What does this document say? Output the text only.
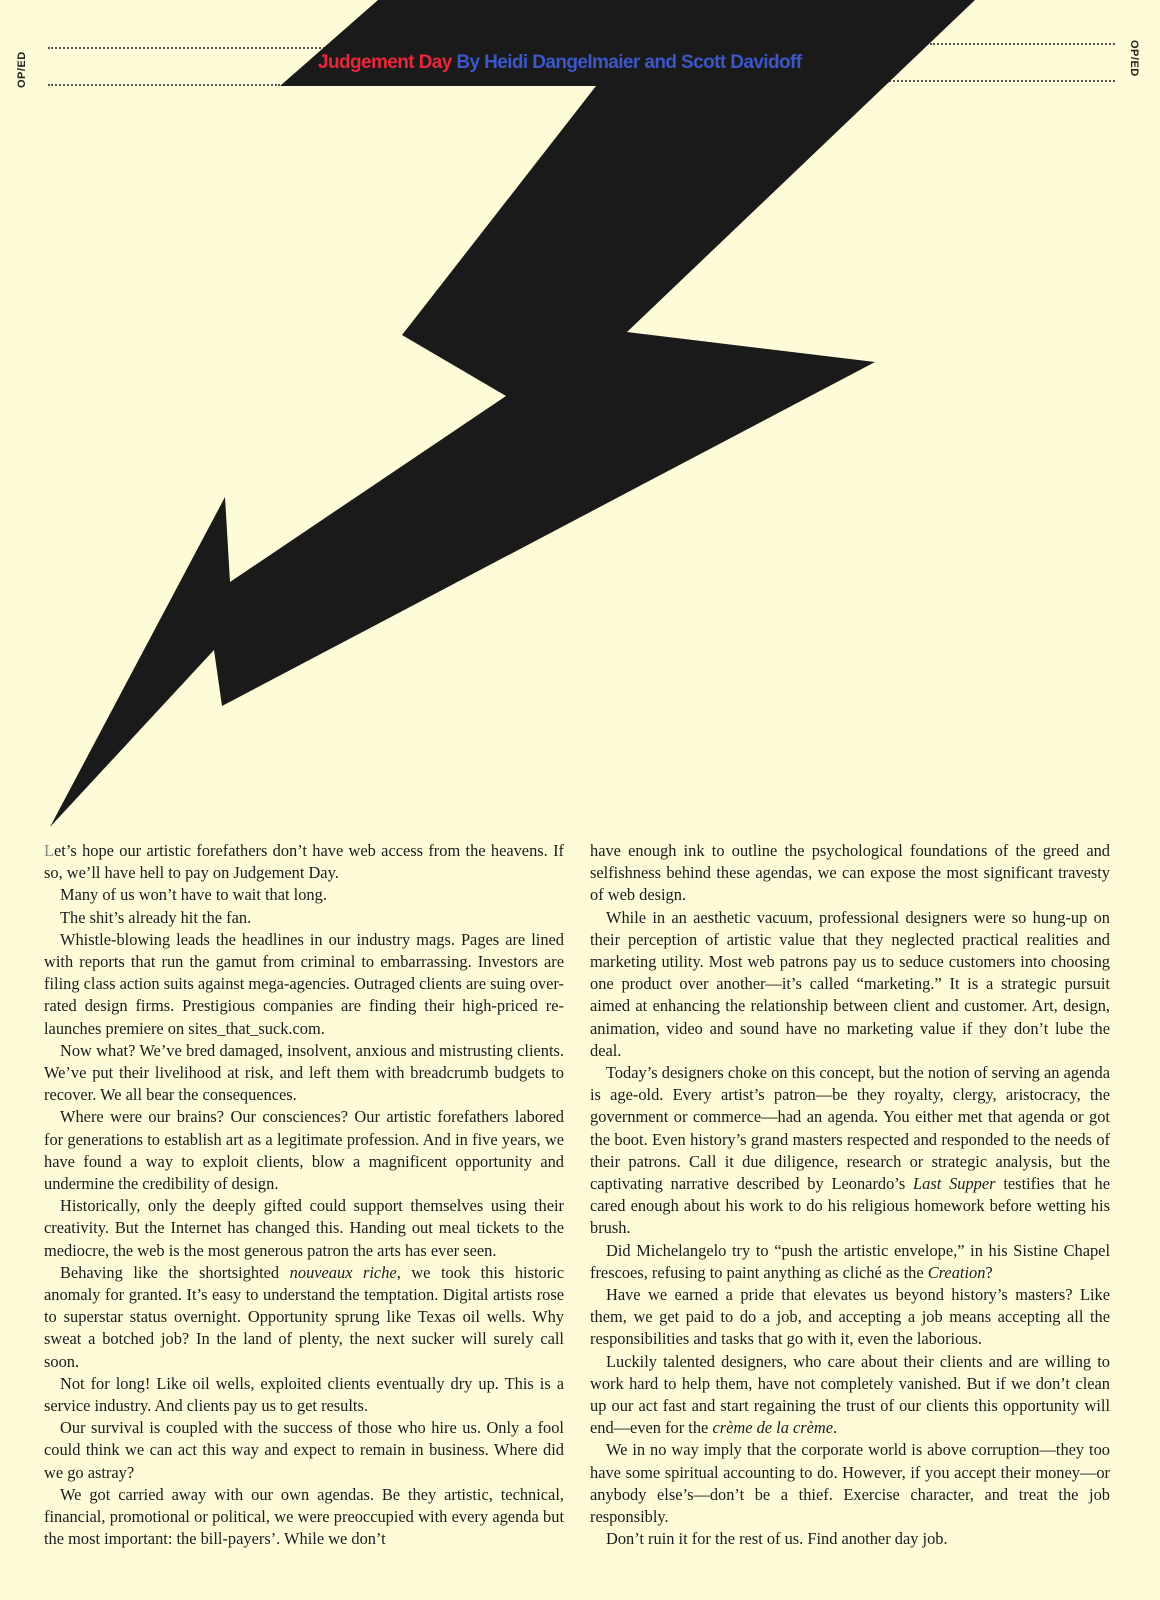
OP/ED	OP/ED
Judgement Day By Heidi Dangelmaier and Scott Davidoff

Let’s hope our artistic forefathers don’t have web access from the heavens. If so, we’ll have hell to pay on Judgement Day.

Many of us won’t have to wait that long.

The shit’s already hit the fan.

Whistle-blowing leads the headlines in our industry mags. Pages are lined with reports that run the gamut from criminal to embarrassing. Investors are filing class action suits against mega-agencies. Outraged clients are suing over-rated design firms. Prestigious companies are finding their high-priced re-launches premiere on sites_that_suck.com.

Now what? We’ve bred damaged, insolvent, anxious and mistrusting clients. We’ve put their livelihood at risk, and left them with breadcrumb budgets to recover. We all bear the consequences.

Where were our brains? Our consciences? Our artistic forefathers labored for generations to establish art as a legitimate profession. And in five years, we have found a way to exploit clients, blow a magnificent opportunity and undermine the credibility of design.

Historically, only the deeply gifted could support themselves using their creativity. But the Internet has changed this. Handing out meal tickets to the mediocre, the web is the most generous patron the arts has ever seen.

Behaving like the shortsighted nouveaux riche, we took this historic anomaly for granted. It’s easy to understand the temptation. Digital artists rose to superstar status overnight. Opportunity sprung like Texas oil wells. Why sweat a botched job? In the land of plenty, the next sucker will surely call soon.

Not for long! Like oil wells, exploited clients eventually dry up. This is a service industry. And clients pay us to get results.

Our survival is coupled with the success of those who hire us. Only a fool could think we can act this way and expect to remain in business. Where did we go astray?

We got carried away with our own agendas. Be they artistic, technical, financial, promotional or political, we were preoccupied with every agenda but the most important: the bill-payers’. While we don’t

have enough ink to outline the psychological foundations of the greed and selfishness behind these agendas, we can expose the most significant travesty of web design.

While in an aesthetic vacuum, professional designers were so hung-up on their perception of artistic value that they neglected practical realities and marketing utility. Most web patrons pay us to seduce customers into choosing one product over another—it’s called “marketing.” It is a strategic pursuit aimed at enhancing the relationship between client and customer. Art, design, animation, video and sound have no marketing value if they don’t lube the deal.

Today’s designers choke on this concept, but the notion of serving an agenda is age-old. Every artist’s patron—be they royalty, clergy, aristocracy, the government or commerce—had an agenda. You either met that agenda or got the boot. Even history’s grand masters respected and responded to the needs of their patrons. Call it due diligence, research or strategic analysis, but the captivating narrative described by Leonardo’s Last Supper testifies that he cared enough about his work to do his religious homework before wetting his brush.

Did Michelangelo try to “push the artistic envelope,” in his Sistine Chapel frescoes, refusing to paint anything as cliché as the Creation?

Have we earned a pride that elevates us beyond history’s masters? Like them, we get paid to do a job, and accepting a job means accepting all the responsibilities and tasks that go with it, even the laborious.

Luckily talented designers, who care about their clients and are willing to work hard to help them, have not completely vanished. But if we don’t clean up our act fast and start regaining the trust of our clients this opportunity will end—even for the crème de la crème.

We in no way imply that the corporate world is above corruption—they too have some spiritual accounting to do. However, if you accept their money—or anybody else’s—don’t be a thief. Exercise character, and treat the job responsibly.

Don’t ruin it for the rest of us. Find another day job.
